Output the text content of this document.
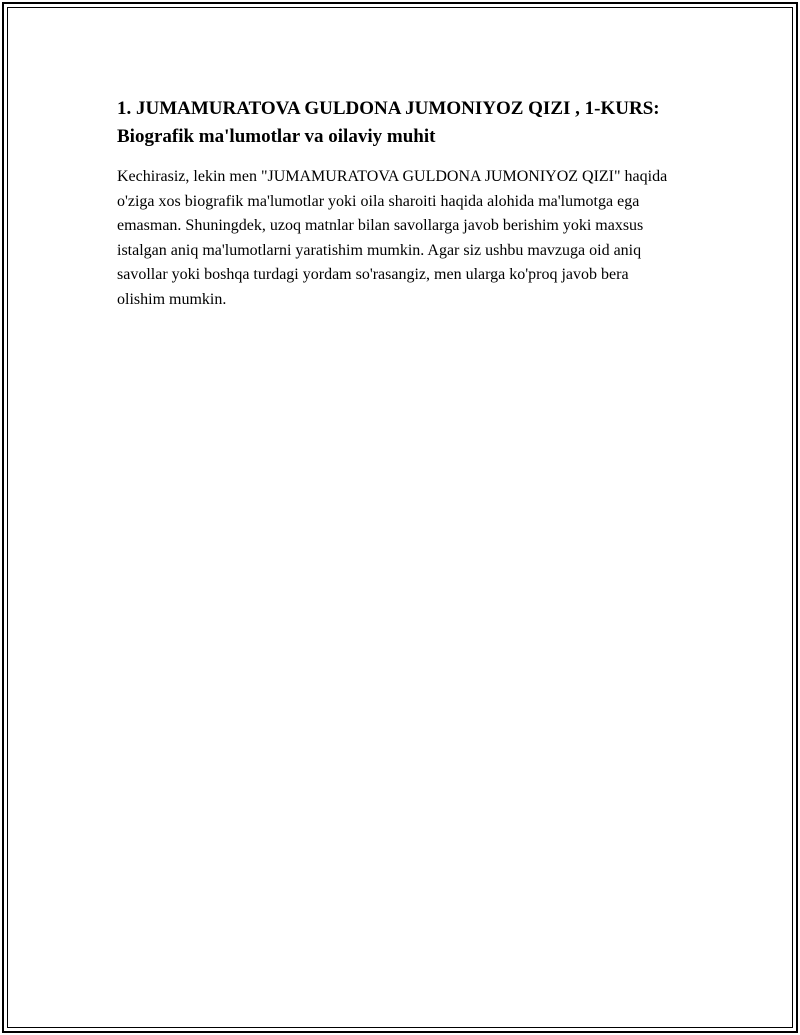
1. JUMAMURATOVA GULDONA JUMONIYOZ QIZI , 1-KURS: Biografik ma'lumotlar va oilaviy muhit

Kechirasiz, lekin men "JUMAMURATOVA GULDONA JUMONIYOZ QIZI" haqida o'ziga xos biografik ma'lumotlar yoki oila sharoiti haqida alohida ma'lumotga ega emasman. Shuningdek, uzoq matnlar bilan savollarga javob berishim yoki maxsus istalgan aniq ma'lumotlarni yaratishim mumkin. Agar siz ushbu mavzuga oid aniq savollar yoki boshqa turdagi yordam so'rasangiz, men ularga ko'proq javob bera olishim mumkin.
